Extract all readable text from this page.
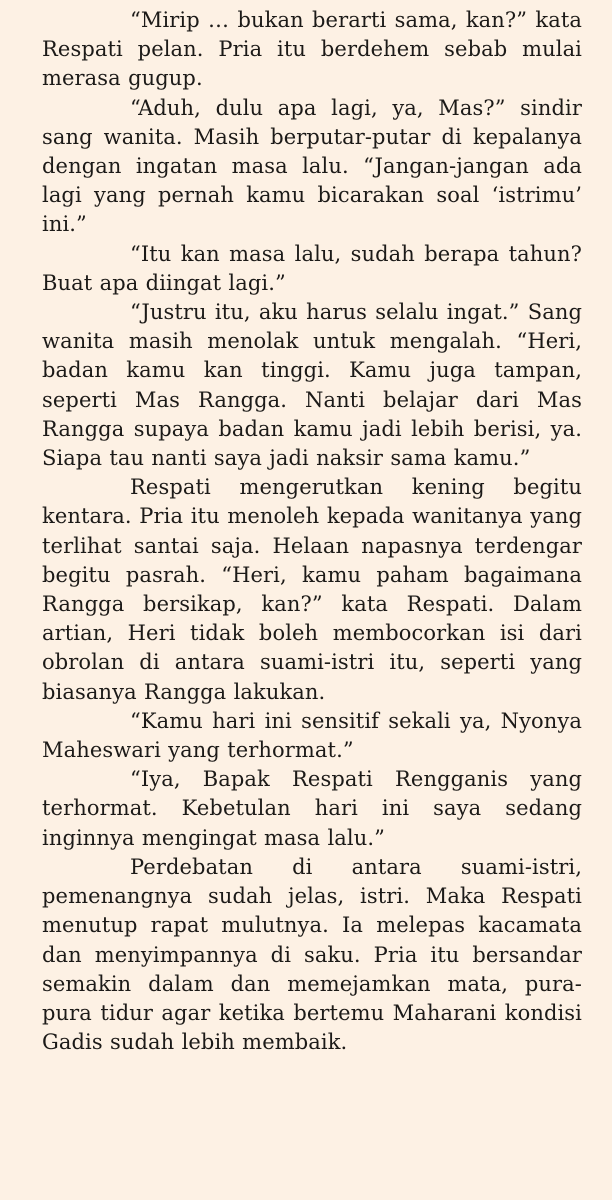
“Mirip … bukan berarti sama, kan?” kata Respati pelan. Pria itu berdehem sebab mulai merasa gugup.

“Aduh, dulu apa lagi, ya, Mas?” sindir sang wanita. Masih berputar-putar di kepalanya dengan ingatan masa lalu. “Jangan-jangan ada lagi yang pernah kamu bicarakan soal ‘istrimu’ ini.”

“Itu kan masa lalu, sudah berapa tahun? Buat apa diingat lagi.”

“Justru itu, aku harus selalu ingat.” Sang wanita masih menolak untuk mengalah. “Heri, badan kamu kan tinggi. Kamu juga tampan, seperti Mas Rangga. Nanti belajar dari Mas Rangga supaya badan kamu jadi lebih berisi, ya. Siapa tau nanti saya jadi naksir sama kamu.”

Respati mengerutkan kening begitu kentara. Pria itu menoleh kepada wanitanya yang terlihat santai saja. Helaan napasnya terdengar begitu pasrah. “Heri, kamu paham bagaimana Rangga bersikap, kan?” kata Respati. Dalam artian, Heri tidak boleh membocorkan isi dari obrolan di antara suami-istri itu, seperti yang biasanya Rangga lakukan.

“Kamu hari ini sensitif sekali ya, Nyonya Maheswari yang terhormat.”

“Iya, Bapak Respati Rengganis yang terhormat. Kebetulan hari ini saya sedang inginnya mengingat masa lalu.”

Perdebatan di antara suami-istri, pemenangnya sudah jelas, istri. Maka Respati menutup rapat mulutnya. Ia melepas kacamata dan menyimpannya di saku. Pria itu bersandar semakin dalam dan memejamkan mata, pura-pura tidur agar ketika bertemu Maharani kondisi Gadis sudah lebih membaik.
